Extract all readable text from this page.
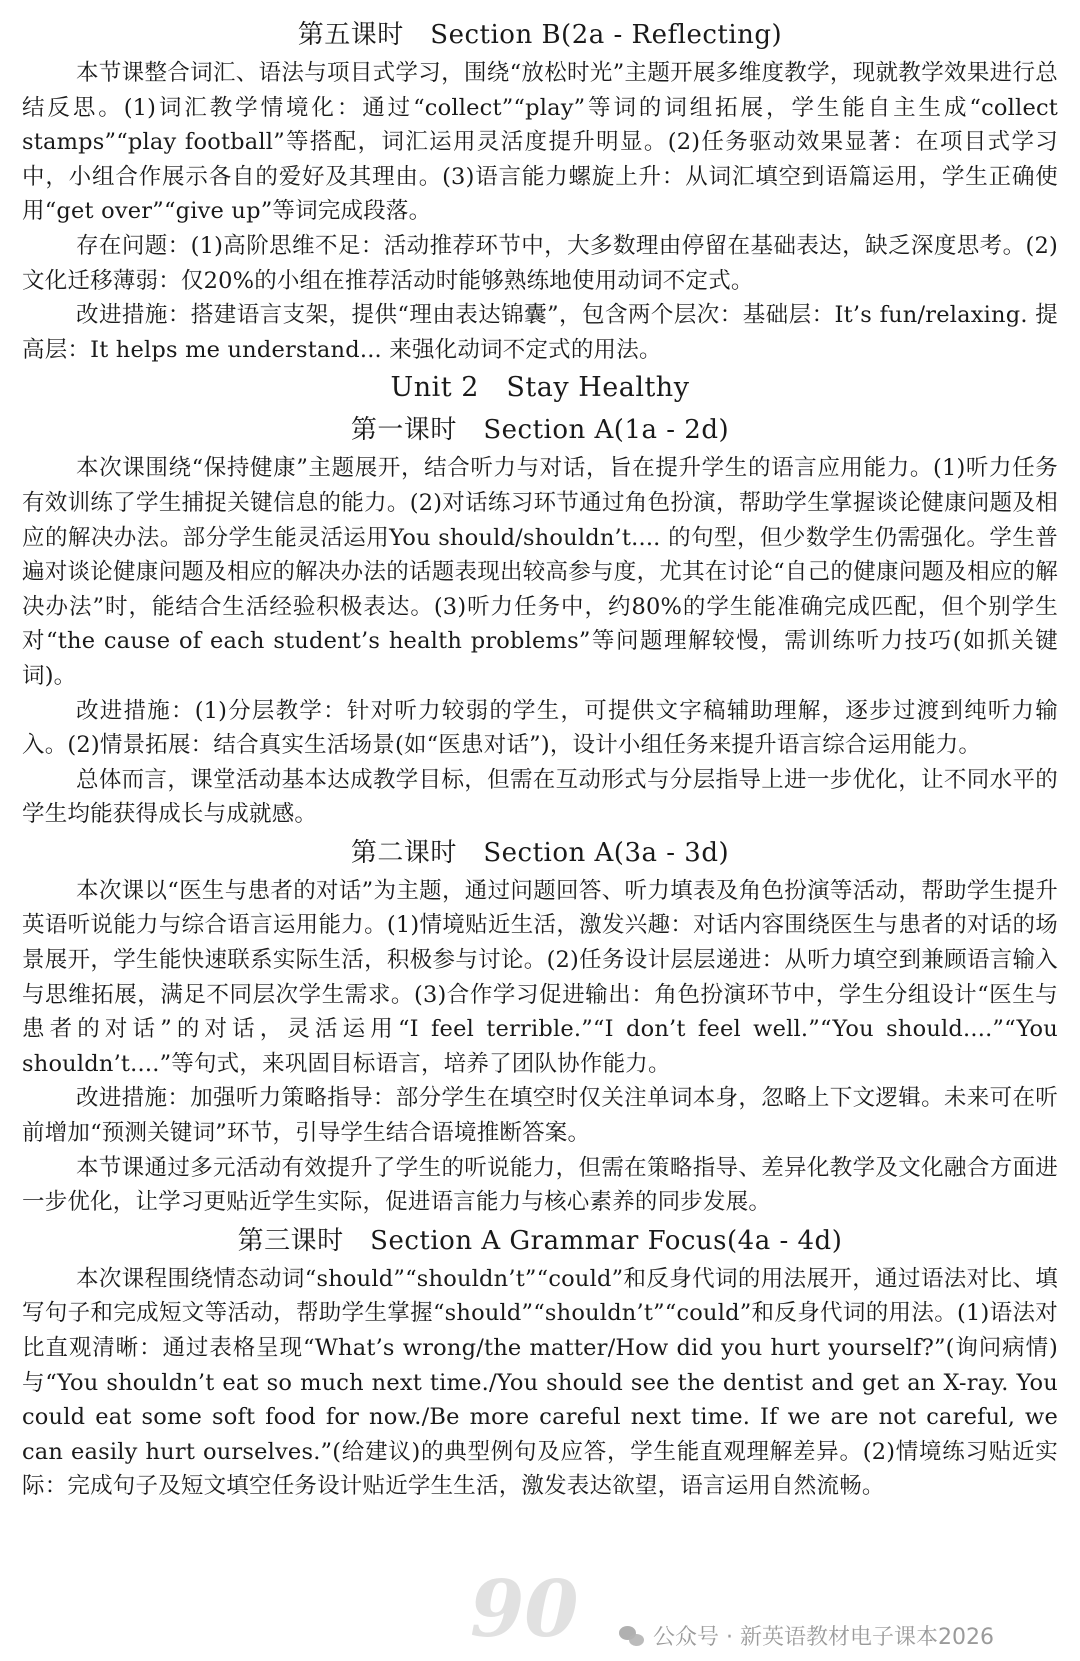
第五课时　Section B(2a - Reflecting)

本节课整合词汇、语法与项目式学习，围绕“放松时光”主题开展多维度教学，现就教学效果进行总结反思。(1)词汇教学情境化：通过“collect”“play”等词的词组拓展，学生能自主生成“collect stamps”“play football”等搭配，词汇运用灵活度提升明显。(2)任务驱动效果显著：在项目式学习中，小组合作展示各自的爱好及其理由。(3)语言能力螺旋上升：从词汇填空到语篇运用，学生正确使用“get over”“give up”等词完成段落。

存在问题：(1)高阶思维不足：活动推荐环节中，大多数理由停留在基础表达，缺乏深度思考。(2)文化迁移薄弱：仅20%的小组在推荐活动时能够熟练地使用动词不定式。

改进措施：搭建语言支架，提供“理由表达锦囊”，包含两个层次：基础层：It’s fun/relaxing. 提高层：It helps me understand... 来强化动词不定式的用法。

Unit 2　Stay Healthy
第一课时　Section A(1a - 2d)

本次课围绕“保持健康”主题展开，结合听力与对话，旨在提升学生的语言应用能力。(1)听力任务有效训练了学生捕捉关键信息的能力。(2)对话练习环节通过角色扮演，帮助学生掌握谈论健康问题及相应的解决办法。部分学生能灵活运用You should/shouldn’t.... 的句型，但少数学生仍需强化。学生普遍对谈论健康问题及相应的解决办法的话题表现出较高参与度，尤其在讨论“自己的健康问题及相应的解决办法”时，能结合生活经验积极表达。(3)听力任务中，约80%的学生能准确完成匹配，但个别学生对“the cause of each student’s health problems”等问题理解较慢，需训练听力技巧(如抓关键词)。

改进措施：(1)分层教学：针对听力较弱的学生，可提供文字稿辅助理解，逐步过渡到纯听力输入。(2)情景拓展：结合真实生活场景(如“医患对话”)，设计小组任务来提升语言综合运用能力。

总体而言，课堂活动基本达成教学目标，但需在互动形式与分层指导上进一步优化，让不同水平的学生均能获得成长与成就感。

第二课时　Section A(3a - 3d)

本次课以“医生与患者的对话”为主题，通过问题回答、听力填表及角色扮演等活动，帮助学生提升英语听说能力与综合语言运用能力。(1)情境贴近生活，激发兴趣：对话内容围绕医生与患者的对话的场景展开，学生能快速联系实际生活，积极参与讨论。(2)任务设计层层递进：从听力填空到兼顾语言输入与思维拓展，满足不同层次学生需求。(3)合作学习促进输出：角色扮演环节中，学生分组设计“医生与患者的对话”的对话，灵活运用“I feel terrible.”“I don’t feel well.”“You should....”“You shouldn’t....”等句式，来巩固目标语言，培养了团队协作能力。

改进措施：加强听力策略指导：部分学生在填空时仅关注单词本身，忽略上下文逻辑。未来可在听前增加“预测关键词”环节，引导学生结合语境推断答案。

本节课通过多元活动有效提升了学生的听说能力，但需在策略指导、差异化教学及文化融合方面进一步优化，让学习更贴近学生实际，促进语言能力与核心素养的同步发展。

第三课时　Section A Grammar Focus(4a - 4d)

本次课程围绕情态动词“should”“shouldn’t”“could”和反身代词的用法展开，通过语法对比、填写句子和完成短文等活动，帮助学生掌握“should”“shouldn’t”“could”和反身代词的用法。(1)语法对比直观清晰：通过表格呈现“What’s wrong/the matter/How did you hurt yourself?”(询问病情)与“You shouldn’t eat so much next time./You should see the dentist and get an X-ray. You could eat some soft food for now./Be more careful next time. If we are not careful, we can easily hurt ourselves.”(给建议)的典型例句及应答，学生能直观理解差异。(2)情境练习贴近实际：完成句子及短文填空任务设计贴近学生生活，激发表达欲望，语言运用自然流畅。

90	公众号 · 新英语教材电子课本2026
